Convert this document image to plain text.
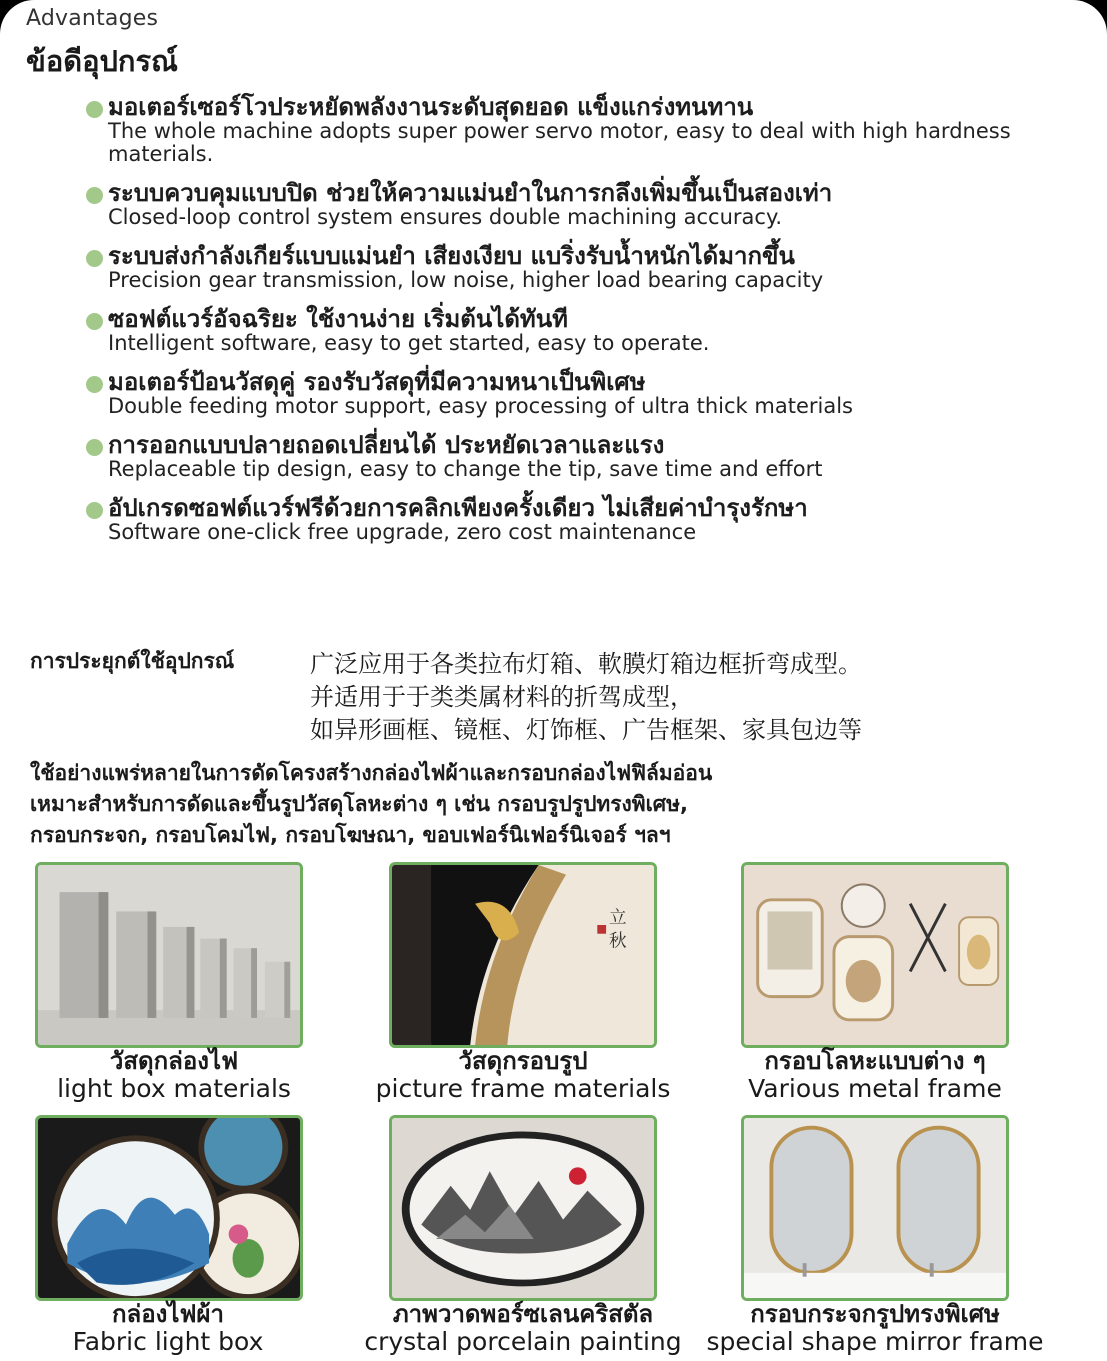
Advantages
ข้อดีอุปกรณ์
มอเตอร์เซอร์โวประหยัดพลังงานระดับสุดยอด แข็งแกร่งทนทาน
The whole machine adopts super power servo motor, easy to deal with high hardness materials.
ระบบควบคุมแบบปิด ช่วยให้ความแม่นยำในการกลึงเพิ่มขึ้นเป็นสองเท่า
Closed-loop control system ensures double machining accuracy.
ระบบส่งกำลังเกียร์แบบแม่นยำ เสียงเงียบ แบริ่งรับน้ำหนักได้มากขึ้น
Precision gear transmission, low noise, higher load bearing capacity
ซอฟต์แวร์อัจฉริยะ ใช้งานง่าย เริ่มต้นได้ทันที
Intelligent software, easy to get started, easy to operate.
มอเตอร์ป้อนวัสดุคู่ รองรับวัสดุที่มีความหนาเป็นพิเศษ
Double feeding motor support, easy processing of ultra thick materials
การออกแบบปลายถอดเปลี่ยนได้ ประหยัดเวลาและแรง
Replaceable tip design, easy to change the tip, save time and effort
อัปเกรดซอฟต์แวร์ฟรีด้วยการคลิกเพียงครั้งเดียว ไม่เสียค่าบำรุงรักษา
Software one-click free upgrade, zero cost maintenance
การประยุกต์ใช้อุปกรณ์	广泛应用于各类拉布灯箱、軟膜灯箱边框折弯成型。
并适用于于类类属材料的折驾成型，
如异形画框、镜框、灯饰框、广告框架、家具包边等
ใช้อย่างแพร่หลายในการดัดโครงสร้างกล่องไฟผ้าและกรอบกล่องไฟฟิล์มอ่อน
เหมาะสำหรับการดัดและขึ้นรูปวัสดุโลหะต่าง ๆ เช่น กรอบรูปรูปทรงพิเศษ,
กรอบกระจก, กรอบโคมไฟ, กรอบโฆษณา, ขอบเฟอร์นิเฟอร์นิเจอร์ ฯลฯ
立
秋
วัสดุกล่องไฟ
light box materials
วัสดุกรอบรูป
picture frame materials
กรอบโลหะแบบต่าง ๆ
Various metal frame
กล่องไฟผ้า
Fabric light box
ภาพวาดพอร์ซเลนคริสตัล
crystal porcelain painting
กรอบกระจกรูปทรงพิเศษ
special shape mirror frame
